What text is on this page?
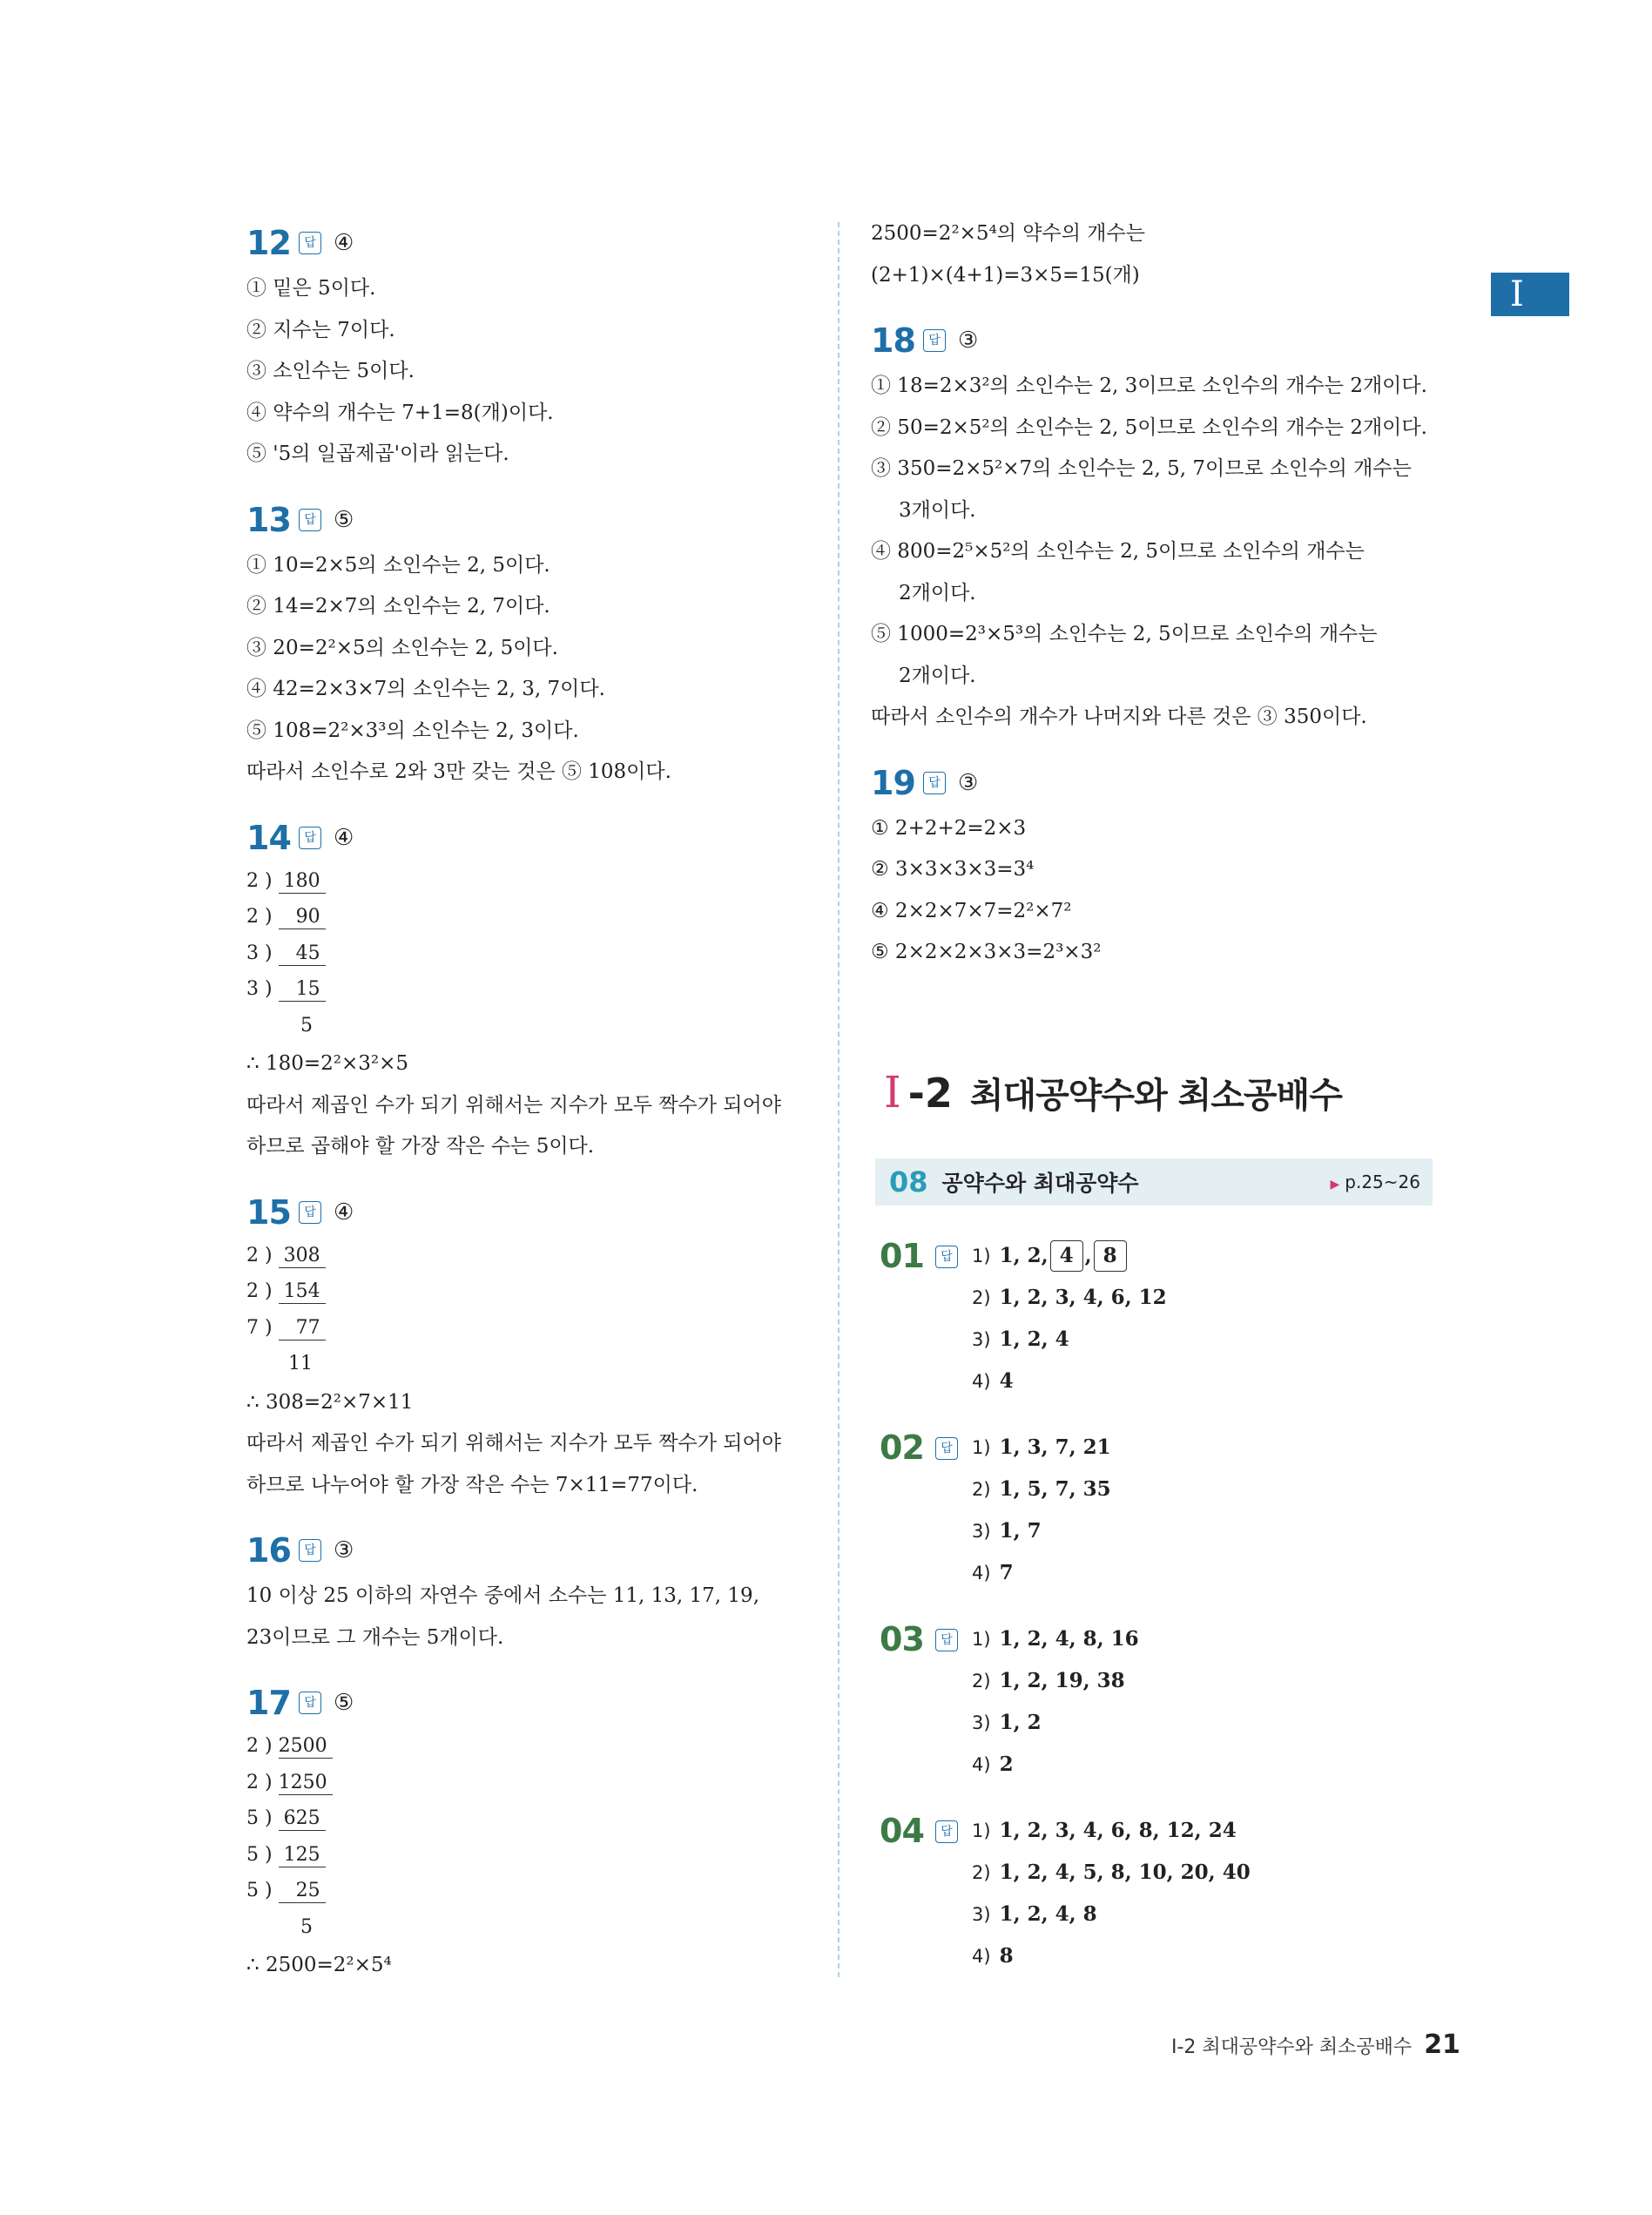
I
12	답 ④
① 밑은 5이다.
② 지수는 7이다.
③ 소인수는 5이다.
④ 약수의 개수는 7+1=8(개)이다.
⑤ '5의 일곱제곱'이라 읽는다.
13	답 ⑤
① 10=2×5의 소인수는 2, 5이다.
② 14=2×7의 소인수는 2, 7이다.
③ 20=2²×5의 소인수는 2, 5이다.
④ 42=2×3×7의 소인수는 2, 3, 7이다.
⑤ 108=2²×3³의 소인수는 2, 3이다.
따라서 소인수로 2와 3만 갖는 것은 ⑤ 108이다.
14	답 ④
2 ) 180
2 ) 90
3 ) 45
3 ) 15
5
∴ 180=2²×3²×5
따라서 제곱인 수가 되기 위해서는 지수가 모두 짝수가 되어야
하므로 곱해야 할 가장 작은 수는 5이다.
15	답 ④
2 ) 308
2 ) 154
7 ) 77
11
∴ 308=2²×7×11
따라서 제곱인 수가 되기 위해서는 지수가 모두 짝수가 되어야
하므로 나누어야 할 가장 작은 수는 7×11=77이다.
16	답 ③
10 이상 25 이하의 자연수 중에서 소수는 11, 13, 17, 19,
23이므로 그 개수는 5개이다.
17	답 ⑤
2 ) 2500
2 ) 1250
5 ) 625
5 ) 125
5 ) 25
5
∴ 2500=2²×5⁴
2500=2²×5⁴의 약수의 개수는
(2+1)×(4+1)=3×5=15(개)
18	답 ③
① 18=2×3²의 소인수는 2, 3이므로 소인수의 개수는 2개이다.
② 50=2×5²의 소인수는 2, 5이므로 소인수의 개수는 2개이다.
③ 350=2×5²×7의 소인수는 2, 5, 7이므로 소인수의 개수는
3개이다.
④ 800=2⁵×5²의 소인수는 2, 5이므로 소인수의 개수는
2개이다.
⑤ 1000=2³×5³의 소인수는 2, 5이므로 소인수의 개수는
2개이다.
따라서 소인수의 개수가 나머지와 다른 것은 ③ 350이다.
19	답 ③
① 2+2+2=2×3
② 3×3×3×3=3⁴
④ 2×2×7×7=2²×7²
⑤ 2×2×2×3×3=2³×3²
I -2 최대공약수와 최소공배수
08 공약수와 최대공약수	▶ p.25~26
01	답 1) 1, 2, 4 , 8
2) 1, 2, 3, 4, 6, 12
3) 1, 2, 4
4) 4
02	답 1) 1, 3, 7, 21
2) 1, 5, 7, 35
3) 1, 7
4) 7
03	답 1) 1, 2, 4, 8, 16
2) 1, 2, 19, 38
3) 1, 2
4) 2
04	답 1) 1, 2, 3, 4, 6, 8, 12, 24
2) 1, 2, 4, 5, 8, 10, 20, 40
3) 1, 2, 4, 8
4) 8
Ⅰ-2 최대공약수와 최소공배수 21
